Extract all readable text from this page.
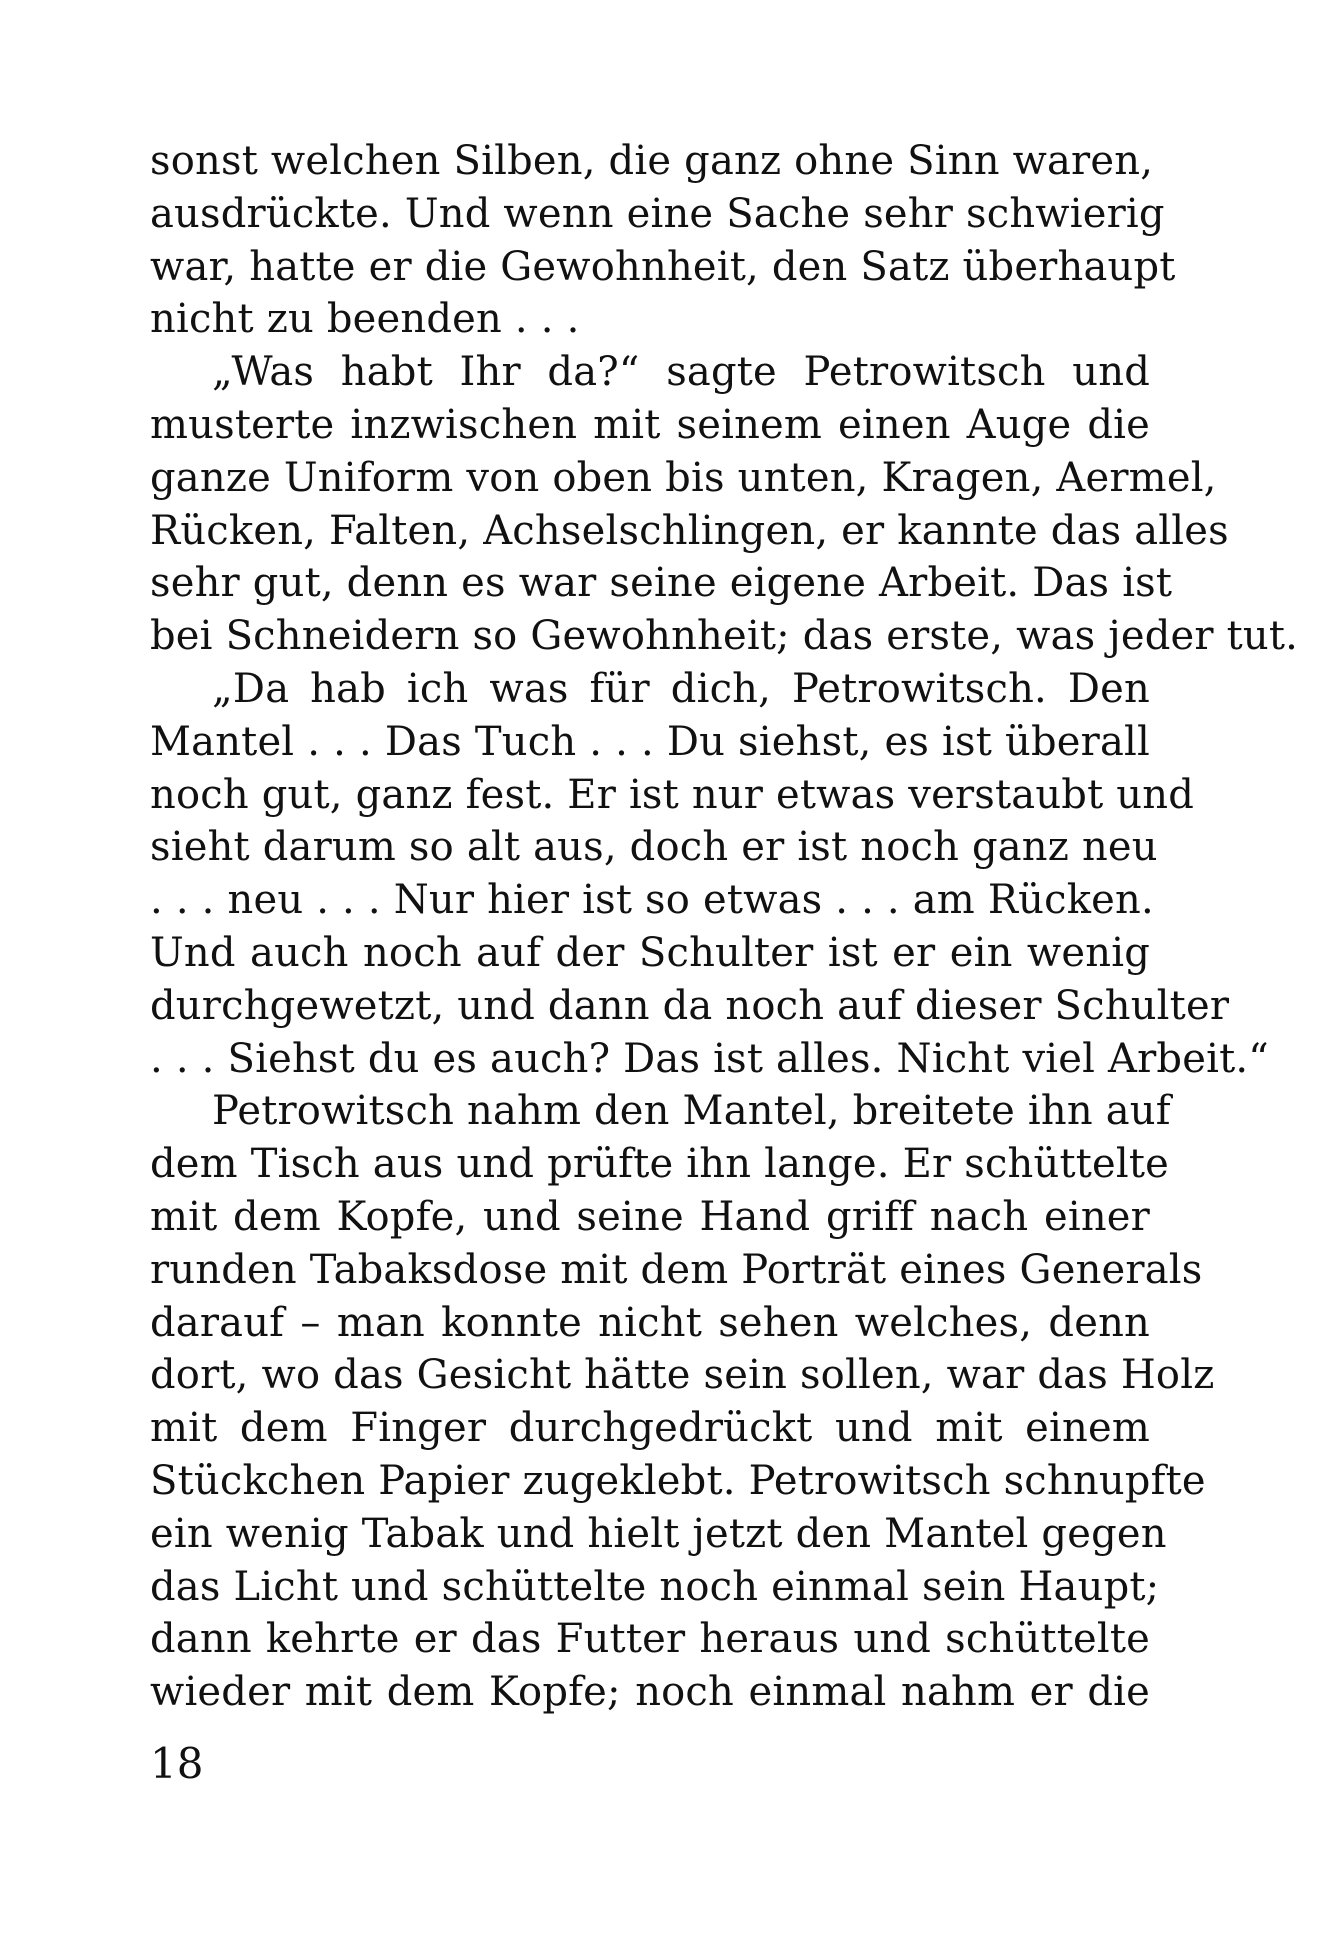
sonst welchen Silben, die ganz ohne Sinn waren,
ausdrückte. Und wenn eine Sache sehr schwierig
war, hatte er die Gewohnheit, den Satz überhaupt
nicht zu beenden . . .
„Was habt Ihr da?“ sagte Petrowitsch und
musterte inzwischen mit seinem einen Auge die
ganze Uniform von oben bis unten, Kragen, Aermel,
Rücken, Falten, Achselschlingen, er kannte das alles
sehr gut, denn es war seine eigene Arbeit. Das ist
bei Schneidern so Gewohnheit; das erste, was jeder tut.
„Da hab ich was für dich, Petrowitsch. Den
Mantel . . . Das Tuch . . . Du siehst, es ist überall
noch gut, ganz fest. Er ist nur etwas verstaubt und
sieht darum so alt aus, doch er ist noch ganz neu
. . . neu . . . Nur hier ist so etwas . . . am Rücken.
Und auch noch auf der Schulter ist er ein wenig
durchgewetzt, und dann da noch auf dieser Schulter
. . . Siehst du es auch? Das ist alles. Nicht viel Arbeit.“
Petrowitsch nahm den Mantel, breitete ihn auf
dem Tisch aus und prüfte ihn lange. Er schüttelte
mit dem Kopfe, und seine Hand griff nach einer
runden Tabaksdose mit dem Porträt eines Generals
darauf – man konnte nicht sehen welches, denn
dort, wo das Gesicht hätte sein sollen, war das Holz
mit dem Finger durchgedrückt und mit einem
Stückchen Papier zugeklebt. Petrowitsch schnupfte
ein wenig Tabak und hielt jetzt den Mantel gegen
das Licht und schüttelte noch einmal sein Haupt;
dann kehrte er das Futter heraus und schüttelte
wieder mit dem Kopfe; noch einmal nahm er die
18
